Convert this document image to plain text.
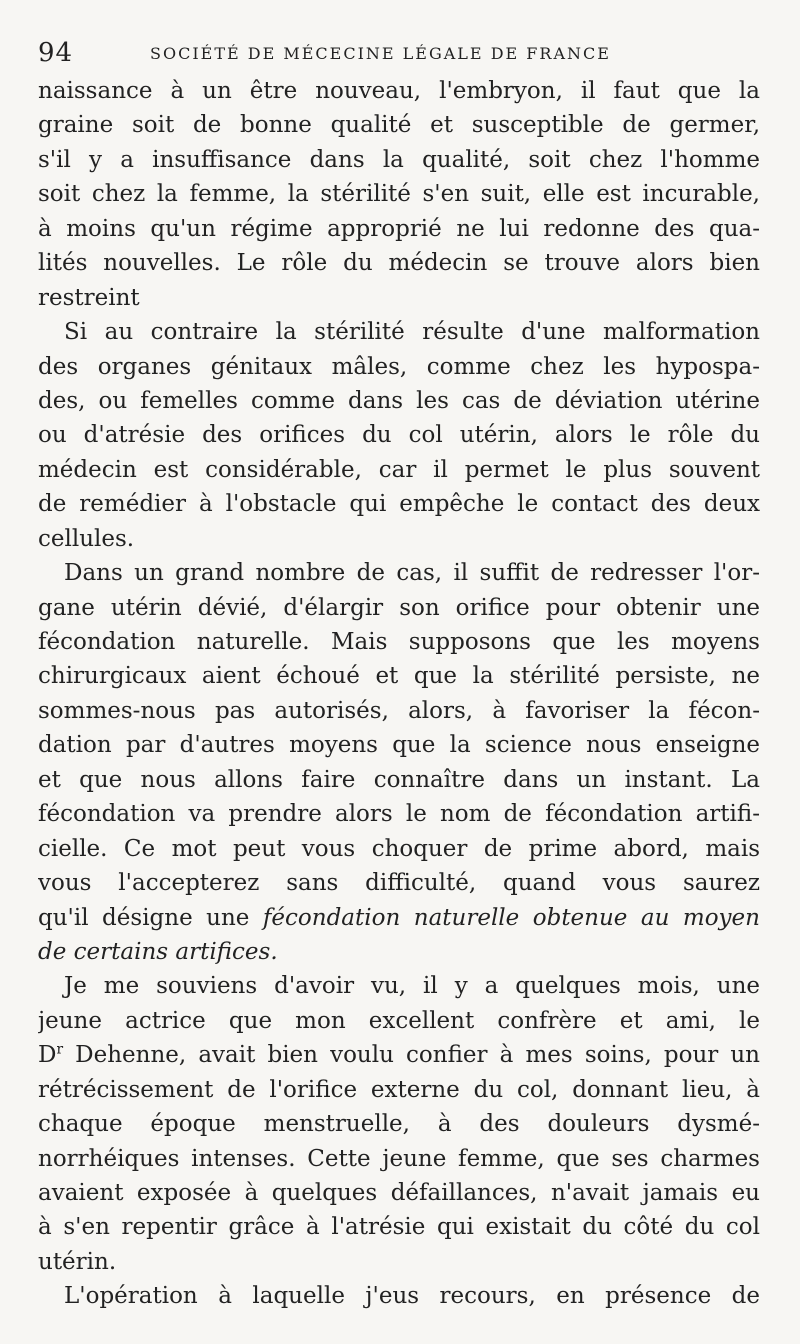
94	SOCIÉTÉ DE MÉCECINE LÉGALE DE FRANCE
naissance à un être nouveau, l'embryon, il faut que la
graine soit de bonne qualité et susceptible de germer,
s'il y a insuffisance dans la qualité, soit chez l'homme
soit chez la femme, la stérilité s'en suit, elle est incurable,
à moins qu'un régime approprié ne lui redonne des qua-
lités nouvelles. Le rôle du médecin se trouve alors bien
restreint
Si au contraire la stérilité résulte d'une malformation
des organes génitaux mâles, comme chez les hypospa-
des, ou femelles comme dans les cas de déviation utérine
ou d'atrésie des orifices du col utérin, alors le rôle du
médecin est considérable, car il permet le plus souvent
de remédier à l'obstacle qui empêche le contact des deux
cellules.
Dans un grand nombre de cas, il suffit de redresser l'or-
gane utérin dévié, d'élargir son orifice pour obtenir une
fécondation naturelle. Mais supposons que les moyens
chirurgicaux aient échoué et que la stérilité persiste, ne
sommes-nous pas autorisés, alors, à favoriser la fécon-
dation par d'autres moyens que la science nous enseigne
et que nous allons faire connaître dans un instant. La
fécondation va prendre alors le nom de fécondation artifi-
cielle. Ce mot peut vous choquer de prime abord, mais
vous l'accepterez sans difficulté, quand vous saurez
qu'il désigne une fécondation naturelle obtenue au moyen
de certains artifices.
Je me souviens d'avoir vu, il y a quelques mois, une
jeune actrice que mon excellent confrère et ami, le
$D^r$ Dehenne, avait bien voulu confier à mes soins, pour un
rétrécissement de l'orifice externe du col, donnant lieu, à
chaque époque menstruelle, à des douleurs dysmé-
norrhéiques intenses. Cette jeune femme, que ses charmes
avaient exposée à quelques défaillances, n'avait jamais eu
à s'en repentir grâce à l'atrésie qui existait du côté du col
utérin.
L'opération à laquelle j'eus recours, en présence de
